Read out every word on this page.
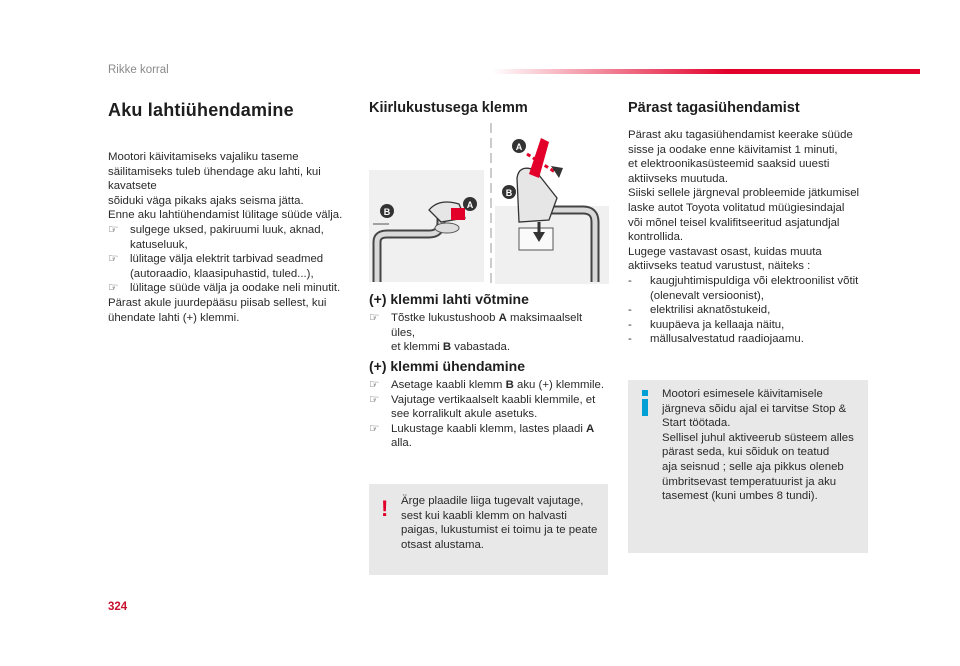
Rikke korral
Aku lahtiühendamine

Mootori käivitamiseks vajaliku taseme

säilitamiseks tuleb ühendage aku lahti, kui kavatsete

sõiduki väga pikaks ajaks seisma jätta.

Enne aku lahtiühendamist lülitage süüde välja.

☞ sulgege uksed, pakiruumi luuk, aknad,

katuseluuk,

☞ lülitage välja elektrit tarbivad seadmed

(autoraadio, klaasipuhastid, tuled...),

☞ lülitage süüde välja ja oodake neli minutit.

Pärast akule juurdepääsu piisab sellest, kui

ühendate lahti (+) klemmi.

Kiirlukustusega klemm
B
A
A
B
(+) klemmi lahti võtmine
☞ Tõstke lukustushoob A maksimaalselt üles,

et klemmi B vabastada.

(+) klemmi ühendamine
☞ Asetage kaabli klemm B aku (+) klemmile.

☞ Vajutage vertikaalselt kaabli klemmile, et

see korralikult akule asetuks.

☞ Lukustage kaabli klemm, lastes plaadi A

alla.

! Ärge plaadile liiga tugevalt vajutage,

sest kui kaabli klemm on halvasti

paigas, lukustumist ei toimu ja te peate

otsast alustama.

Pärast tagasiühendamist

Pärast aku tagasiühendamist keerake süüde

sisse ja oodake enne käivitamist 1 minuti,

et elektroonikasüsteemid saaksid uuesti

aktiivseks muutuda.

Siiski sellele järgneval probleemide jätkumisel

laske autot Toyota volitatud müügiesindajal

või mõnel teisel kvalifitseeritud asjatundjal

kontrollida.

Lugege vastavast osast, kuidas muuta

aktiivseks teatud varustust, näiteks :

- kaugjuhtimispuldiga või elektroonilist võtit

(olenevalt versioonist),

- elektrilisi aknatõstukeid,

- kuupäeva ja kellaaja näitu,

- mällusalvestatud raadiojaamu.

Mootori esimesele käivitamisele

järgneva sõidu ajal ei tarvitse Stop &

Start töötada.

Sellisel juhul aktiveerub süsteem alles

pärast seda, kui sõiduk on teatud

aja seisnud ; selle aja pikkus oleneb

ümbritsevast temperatuurist ja aku

tasemest (kuni umbes 8 tundi).

324
